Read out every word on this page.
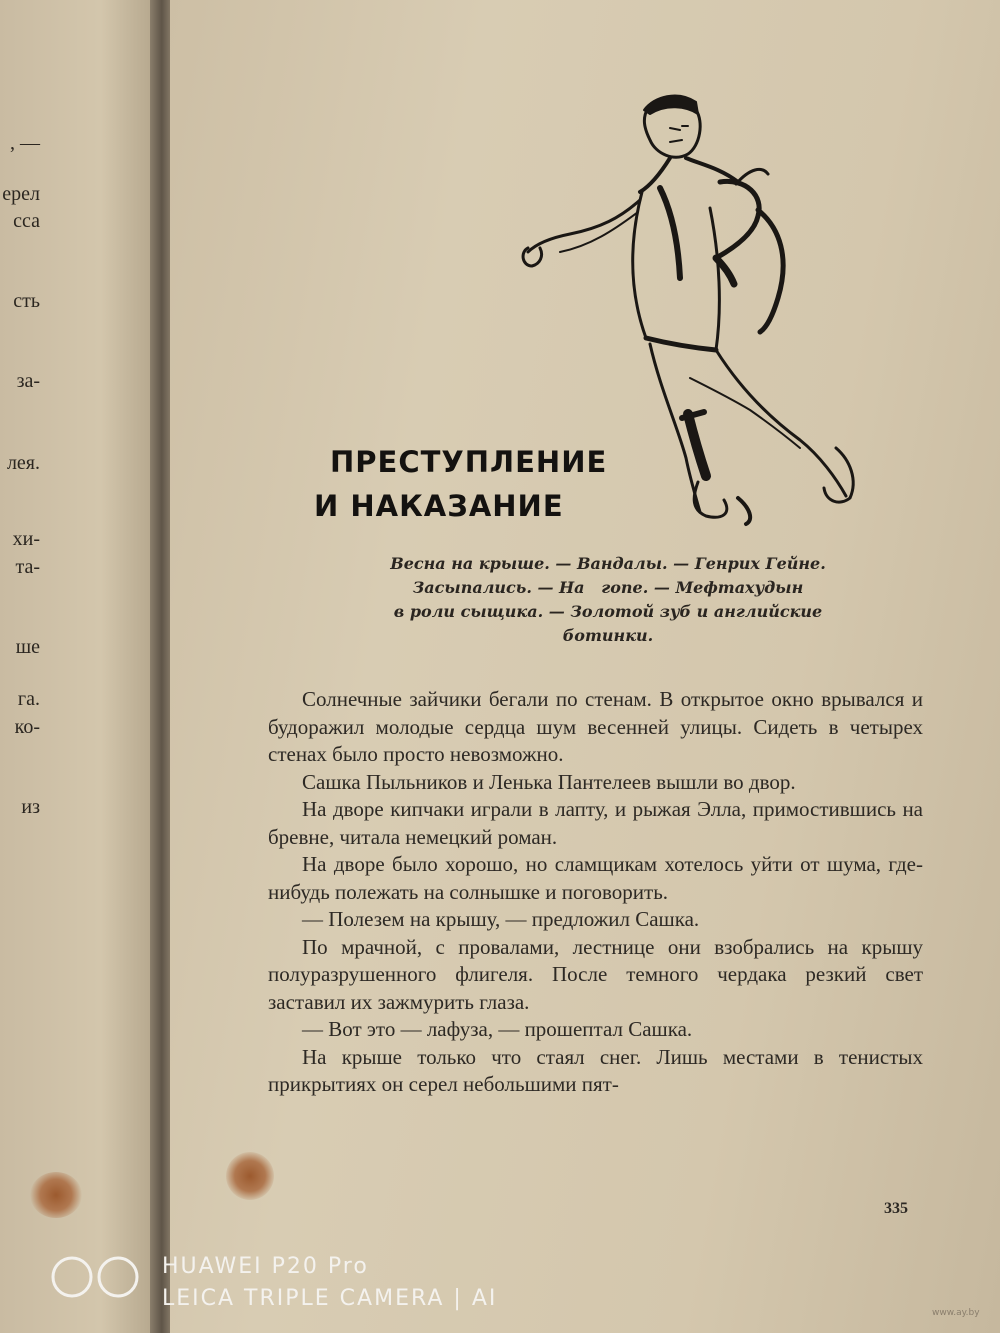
, —
ерел
сса
сть
за-
лея.
хи-
та-
ше
га.
ко-
из
ПРЕСТУПЛЕНИЕ
И НАКАЗАНИЕ
Весна на крыше. — Вандалы. — Генрих Гейне.
Засыпались. — На   гопе. — Мефтахудын
в роли сыщика. — Золотой зуб и английские
ботинки.

Солнечные зайчики бегали по стенам. В открытое окно врывался и будоражил молодые сердца шум весенней улицы. Сидеть в четырех стенах было просто невозможно.

Сашка Пыльников и Ленька Пантелеев вышли во двор.

На дворе кипчаки играли в лапту, и рыжая Элла, примостившись на бревне, читала немецкий роман.

На дворе было хорошо, но сламщикам хотелось уйти от шума, где-нибудь полежать на солнышке и поговорить.

— Полезем на крышу, — предложил Сашка.

По мрачной, с провалами, лестнице они взобрались на крышу полуразрушенного флигеля. После темного чердака резкий свет заставил их зажмурить глаза.

— Вот это — лафуза, — прошептал Сашка.

На крыше только что стаял снег. Лишь местами в тенистых прикрытиях он серел небольшими пят-

335
HUAWEI P20 Pro
LEICA TRIPLE CAMERA | AI
www.ay.by
